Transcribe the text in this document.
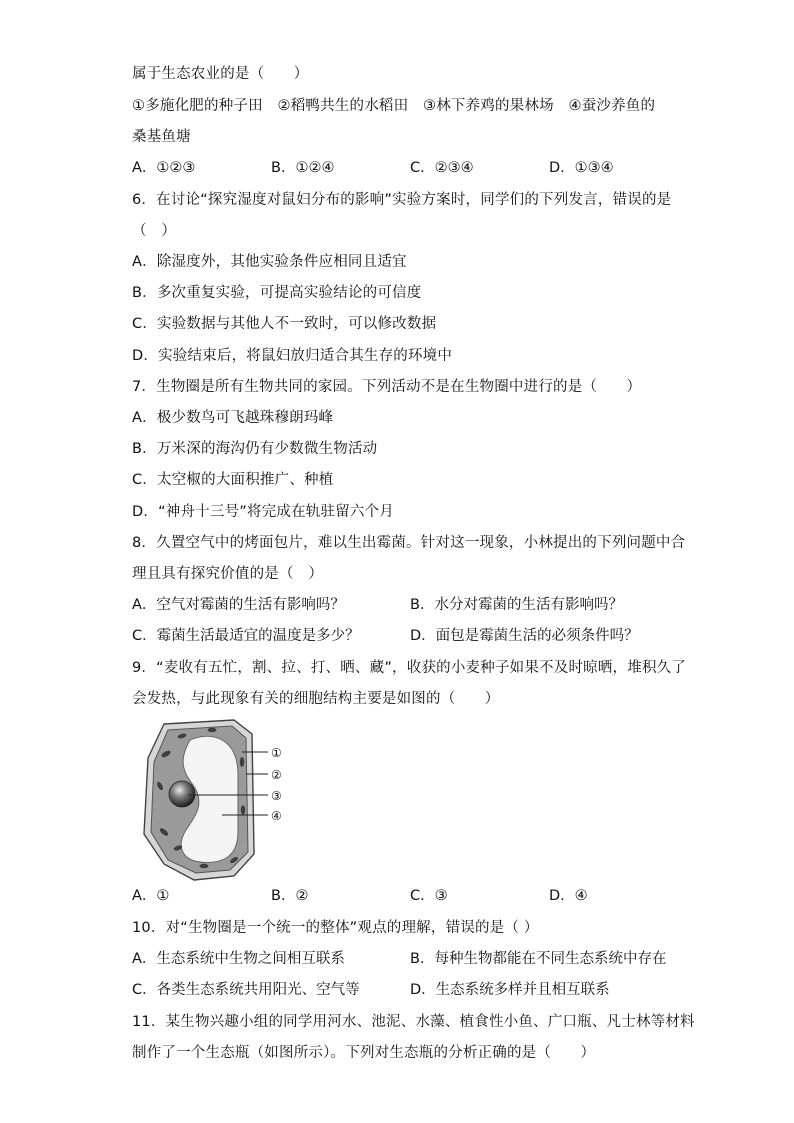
属于生态农业的是（　　）
①多施化肥的种子田　②稻鸭共生的水稻田　③林下养鸡的果林场　④蚕沙养鱼的
桑基鱼塘
A．①②③	B．①②④	C．②③④	D．①③④
6．在讨论“探究湿度对鼠妇分布的影响”实验方案时，同学们的下列发言，错误的是
（　）
A．除湿度外，其他实验条件应相同且适宜
B．多次重复实验，可提高实验结论的可信度
C．实验数据与其他人不一致时，可以修改数据
D．实验结束后，将鼠妇放归适合其生存的环境中
7．生物圈是所有生物共同的家园。下列活动不是在生物圈中进行的是（　　）
A．极少数鸟可飞越珠穆朗玛峰
B．万米深的海沟仍有少数微生物活动
C．太空椒的大面积推广、种植
D．“神舟十三号”将完成在轨驻留六个月
8．久置空气中的烤面包片，难以生出霉菌。针对这一现象，小林提出的下列问题中合
理且具有探究价值的是（　）
A．空气对霉菌的生活有影响吗？	B．水分对霉菌的生活有影响吗？
C．霉菌生活最适宜的温度是多少？	D．面包是霉菌生活的必须条件吗？
9．“麦收有五忙，割、拉、打、晒、藏”，收获的小麦种子如果不及时晾晒，堆积久了
会发热，与此现象有关的细胞结构主要是如图的（　　）
①
②
③
④
A．①	B．②	C．③	D．④
10．对“生物圈是一个统一的整体”观点的理解，错误的是（ ）
A．生态系统中生物之间相互联系	B．每种生物都能在不同生态系统中存在
C．各类生态系统共用阳光、空气等	D．生态系统多样并且相互联系
11．某生物兴趣小组的同学用河水、池泥、水藻、植食性小鱼、广口瓶、凡士林等材料
制作了一个生态瓶（如图所示）。下列对生态瓶的分析正确的是（　　）
